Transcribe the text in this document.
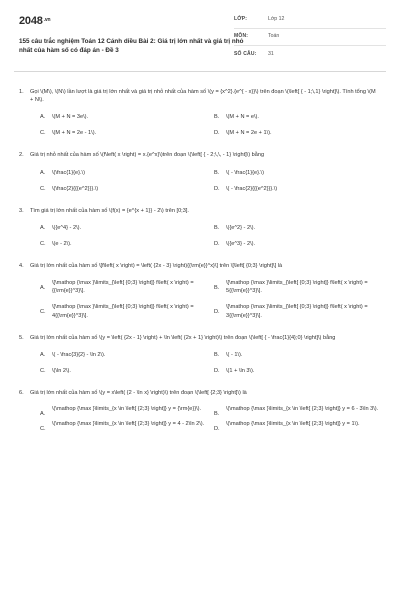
$2048^{.vn}$
155 câu trắc nghiệm Toán 12 Cánh diều Bài 2: Giá trị lớn nhất và giá trị nhỏ nhất của hàm số có đáp án - Đề 3
LỚP:	Lớp 12
MÔN:	Toán
SỐ CÂU:	31
1. Gọi \(M\), \(N\) lần lượt là giá trị lớn nhất và giá trị nhỏ nhất của hàm số \(y = {x^2}.{e^{ - x}}\) trên đoạn \(\left[ { - 1;\,1} \right]\). Tính tổng \(M + N\).
A. \(M + N = 3e\).	B. \(M + N = e\).
C. \(M + N = 2e - 1\).	D. \(M + N = 2e + 1\).
2. Giá trị nhỏ nhất của hàm số \(f\left( x \right) = x.{e^x}\)trên đoạn \(\left[ { - 2;\,\, - 1} \right]\) bằng
A. \(\frac{1}{e}.\)	B. \( - \frac{1}{e}.\)
C. \(\frac{2}{{{e^2}}}.\)	D. \( - \frac{2}{{{e^2}}}.\)
3. Tìm giá trị lớn nhất của hàm số \(f(x) = {e^{x + 1}} - 2\) trên [0;3].
A. \({e^4} - 2\).	B. \({e^2} - 2\).
C. \(e - 2\).	D. \({e^3} - 2\).
4. Giá trị lớn nhất của hàm số \[f\left( x \right) = \left( {2x - 3} \right){{\rm{e}}^x}\] trên \[\left[ {0;3} \right]\] là
A.
\[\mathop {\max }\limits_{\left[ {0;3} \right]} f\left( x \right) = {{\rm{e}}^3}\].
B.
\[\mathop {\max }\limits_{\left[ {0;3} \right]} f\left( x \right) = 5{{\rm{e}}^3}\].
C.
\[\mathop {\max }\limits_{\left[ {0;3} \right]} f\left( x \right) = 4{{\rm{e}}^3}\].
D.
\[\mathop {\max }\limits_{\left[ {0;3} \right]} f\left( x \right) = 3{{\rm{e}}^3}\].
5. Giá trị lớn nhất của hàm số \(y = \left( {2x - 1} \right) + \ln \left( {2x + 1} \right)\) trên đoạn \(\left[ { - \frac{1}{4};0} \right]\) bằng
A. \( - \frac{3}{2} - \ln 2\).	B. \( - 1\).
C. \(\ln 2\).	D. \(1 + \ln 3\).
6. Giá trị lớn nhất của hàm số \(y = x\left( {2 - \ln x} \right)\) trên đoạn \(\left[ {2;3} \right]\) là
A.
\(\mathop {\max }\limits_{x \in \left[ {2;3} \right]} y = {\rm{e}}\).
B.
\(\mathop {\max }\limits_{x \in \left[ {2;3} \right]} y = 6 - 3\ln 3\).
C.
\(\mathop {\max }\limits_{x \in \left[ {2;3} \right]} y = 4 - 2\ln 2\).
D.
\(\mathop {\max }\limits_{x \in \left[ {2;3} \right]} y = 1\).
